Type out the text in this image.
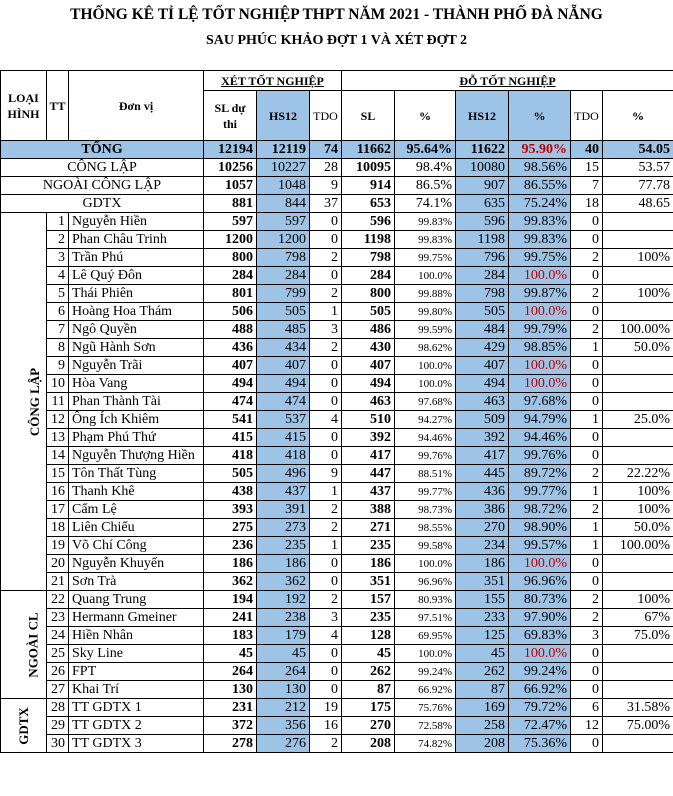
THỐNG KÊ TỈ LỆ TỐT NGHIỆP THPT NĂM 2021 - THÀNH PHỐ ĐÀ NẴNG
SAU PHÚC KHẢO ĐỢT 1 VÀ XÉT ĐỢT 2
LOẠI HÌNH	TT	Đơn vị	XÉT TỐT NGHIỆP			ĐỖ TỐT NGHIỆP					
			SL dự thi	HS12	TDO	SL	%	HS12	%	TDO	%
TỔNG			12194	12119	74	11662	95.64%	11622	95.90%	40	54.05
CÔNG LẬP			10256	10227	28	10095	98.4%	10080	98.56%	15	53.57
NGOÀI CÔNG LẬP			1057	1048	9	914	86.5%	907	86.55%	7	77.78
GDTX			881	844	37	653	74.1%	635	75.24%	18	48.65
CÔNG LẬP	1	Nguyễn Hiền	597	597	0	596	99.83%	596	99.83%	0	
	2	Phan Châu Trinh	1200	1200	0	1198	99.83%	1198	99.83%	0	
	3	Trần Phú	800	798	2	798	99.75%	796	99.75%	2	100%
	4	Lê Quý Đôn	284	284	0	284	100.0%	284	100.0%	0	
	5	Thái Phiên	801	799	2	800	99.88%	798	99.87%	2	100%
	6	Hoàng Hoa Thám	506	505	1	505	99.80%	505	100.0%	0	
	7	Ngô Quyền	488	485	3	486	99.59%	484	99.79%	2	100.00%
	8	Ngũ Hành Sơn	436	434	2	430	98.62%	429	98.85%	1	50.0%
	9	Nguyễn Trãi	407	407	0	407	100.0%	407	100.0%	0	
	10	Hòa Vang	494	494	0	494	100.0%	494	100.0%	0	
	11	Phan Thành Tài	474	474	0	463	97.68%	463	97.68%	0	
	12	Ông Ích Khiêm	541	537	4	510	94.27%	509	94.79%	1	25.0%
	13	Phạm Phú Thứ	415	415	0	392	94.46%	392	94.46%	0	
	14	Nguyễn Thượng Hiền	418	418	0	417	99.76%	417	99.76%	0	
	15	Tôn Thất Tùng	505	496	9	447	88.51%	445	89.72%	2	22.22%
	16	Thanh Khê	438	437	1	437	99.77%	436	99.77%	1	100%
	17	Cẩm Lệ	393	391	2	388	98.73%	386	98.72%	2	100%
	18	Liên Chiểu	275	273	2	271	98.55%	270	98.90%	1	50.0%
	19	Võ Chí Công	236	235	1	235	99.58%	234	99.57%	1	100.00%
	20	Nguyễn Khuyến	186	186	0	186	100.0%	186	100.0%	0	
	21	Sơn Trà	362	362	0	351	96.96%	351	96.96%	0	
NGOÀI CL	22	Quang Trung	194	192	2	157	80.93%	155	80.73%	2	100%
	23	Hermann Gmeiner	241	238	3	235	97.51%	233	97.90%	2	67%
	24	Hiền Nhân	183	179	4	128	69.95%	125	69.83%	3	75.0%
	25	Sky Line	45	45	0	45	100.0%	45	100.0%	0	
	26	FPT	264	264	0	262	99.24%	262	99.24%	0	
	27	Khai Trí	130	130	0	87	66.92%	87	66.92%	0	
GDTX	28	TT GDTX 1	231	212	19	175	75.76%	169	79.72%	6	31.58%
	29	TT GDTX 2	372	356	16	270	72.58%	258	72.47%	12	75.00%
	30	TT GDTX 3	278	276	2	208	74.82%	208	75.36%	0	
